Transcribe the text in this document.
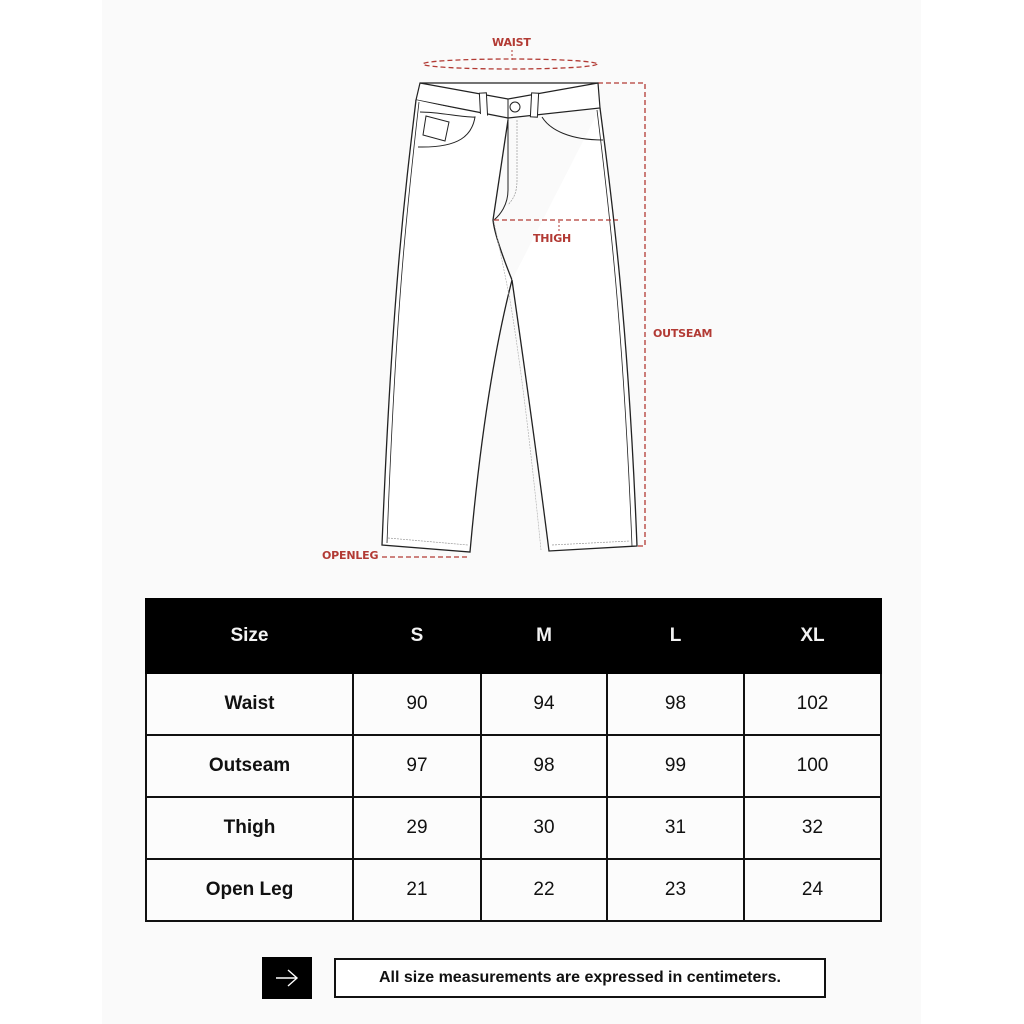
WAIST
THIGH
OUTSEAM
OPENLEG
Size	S	M	L	XL
Waist	90	94	98	102
Outseam	97	98	99	100
Thigh	29	30	31	32
Open Leg	21	22	23	24
All size measurements are expressed in centimeters.
